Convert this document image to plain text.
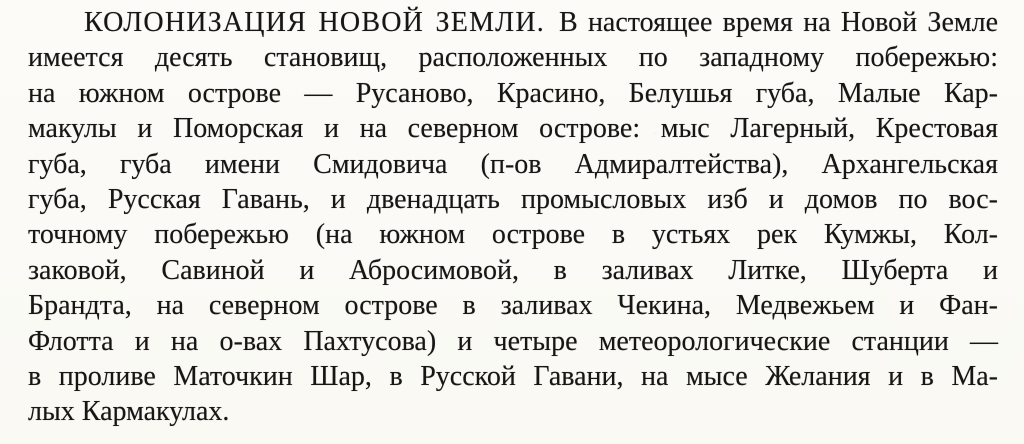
КОЛОНИЗАЦИЯ НОВОЙ ЗЕМЛИ. В настоящее время на Новой Земле
имеется десять становищ, расположенных по западному побережью:
на южном острове — Русаново, Красино, Белушья губа, Малые Кар-
макулы и Поморская и на северном острове: мыс Лагерный, Крестовая
губа, губа имени Смидовича (п-ов Адмиралтейства), Архангельская
губа, Русская Гавань, и двенадцать промысловых изб и домов по вос-
точному побережью (на южном острове в устьях рек Кумжы, Кол-
заковой, Савиной и Абросимовой, в заливах Литке, Шуберта и
Брандта, на северном острове в заливах Чекина, Медвежьем и Фан-
Флотта и на о-вах Пахтусова) и четыре метеорологические станции —
в проливе Маточкин Шар, в Русской Гавани, на мысе Желания и в Ма-
лых Кармакулах.
